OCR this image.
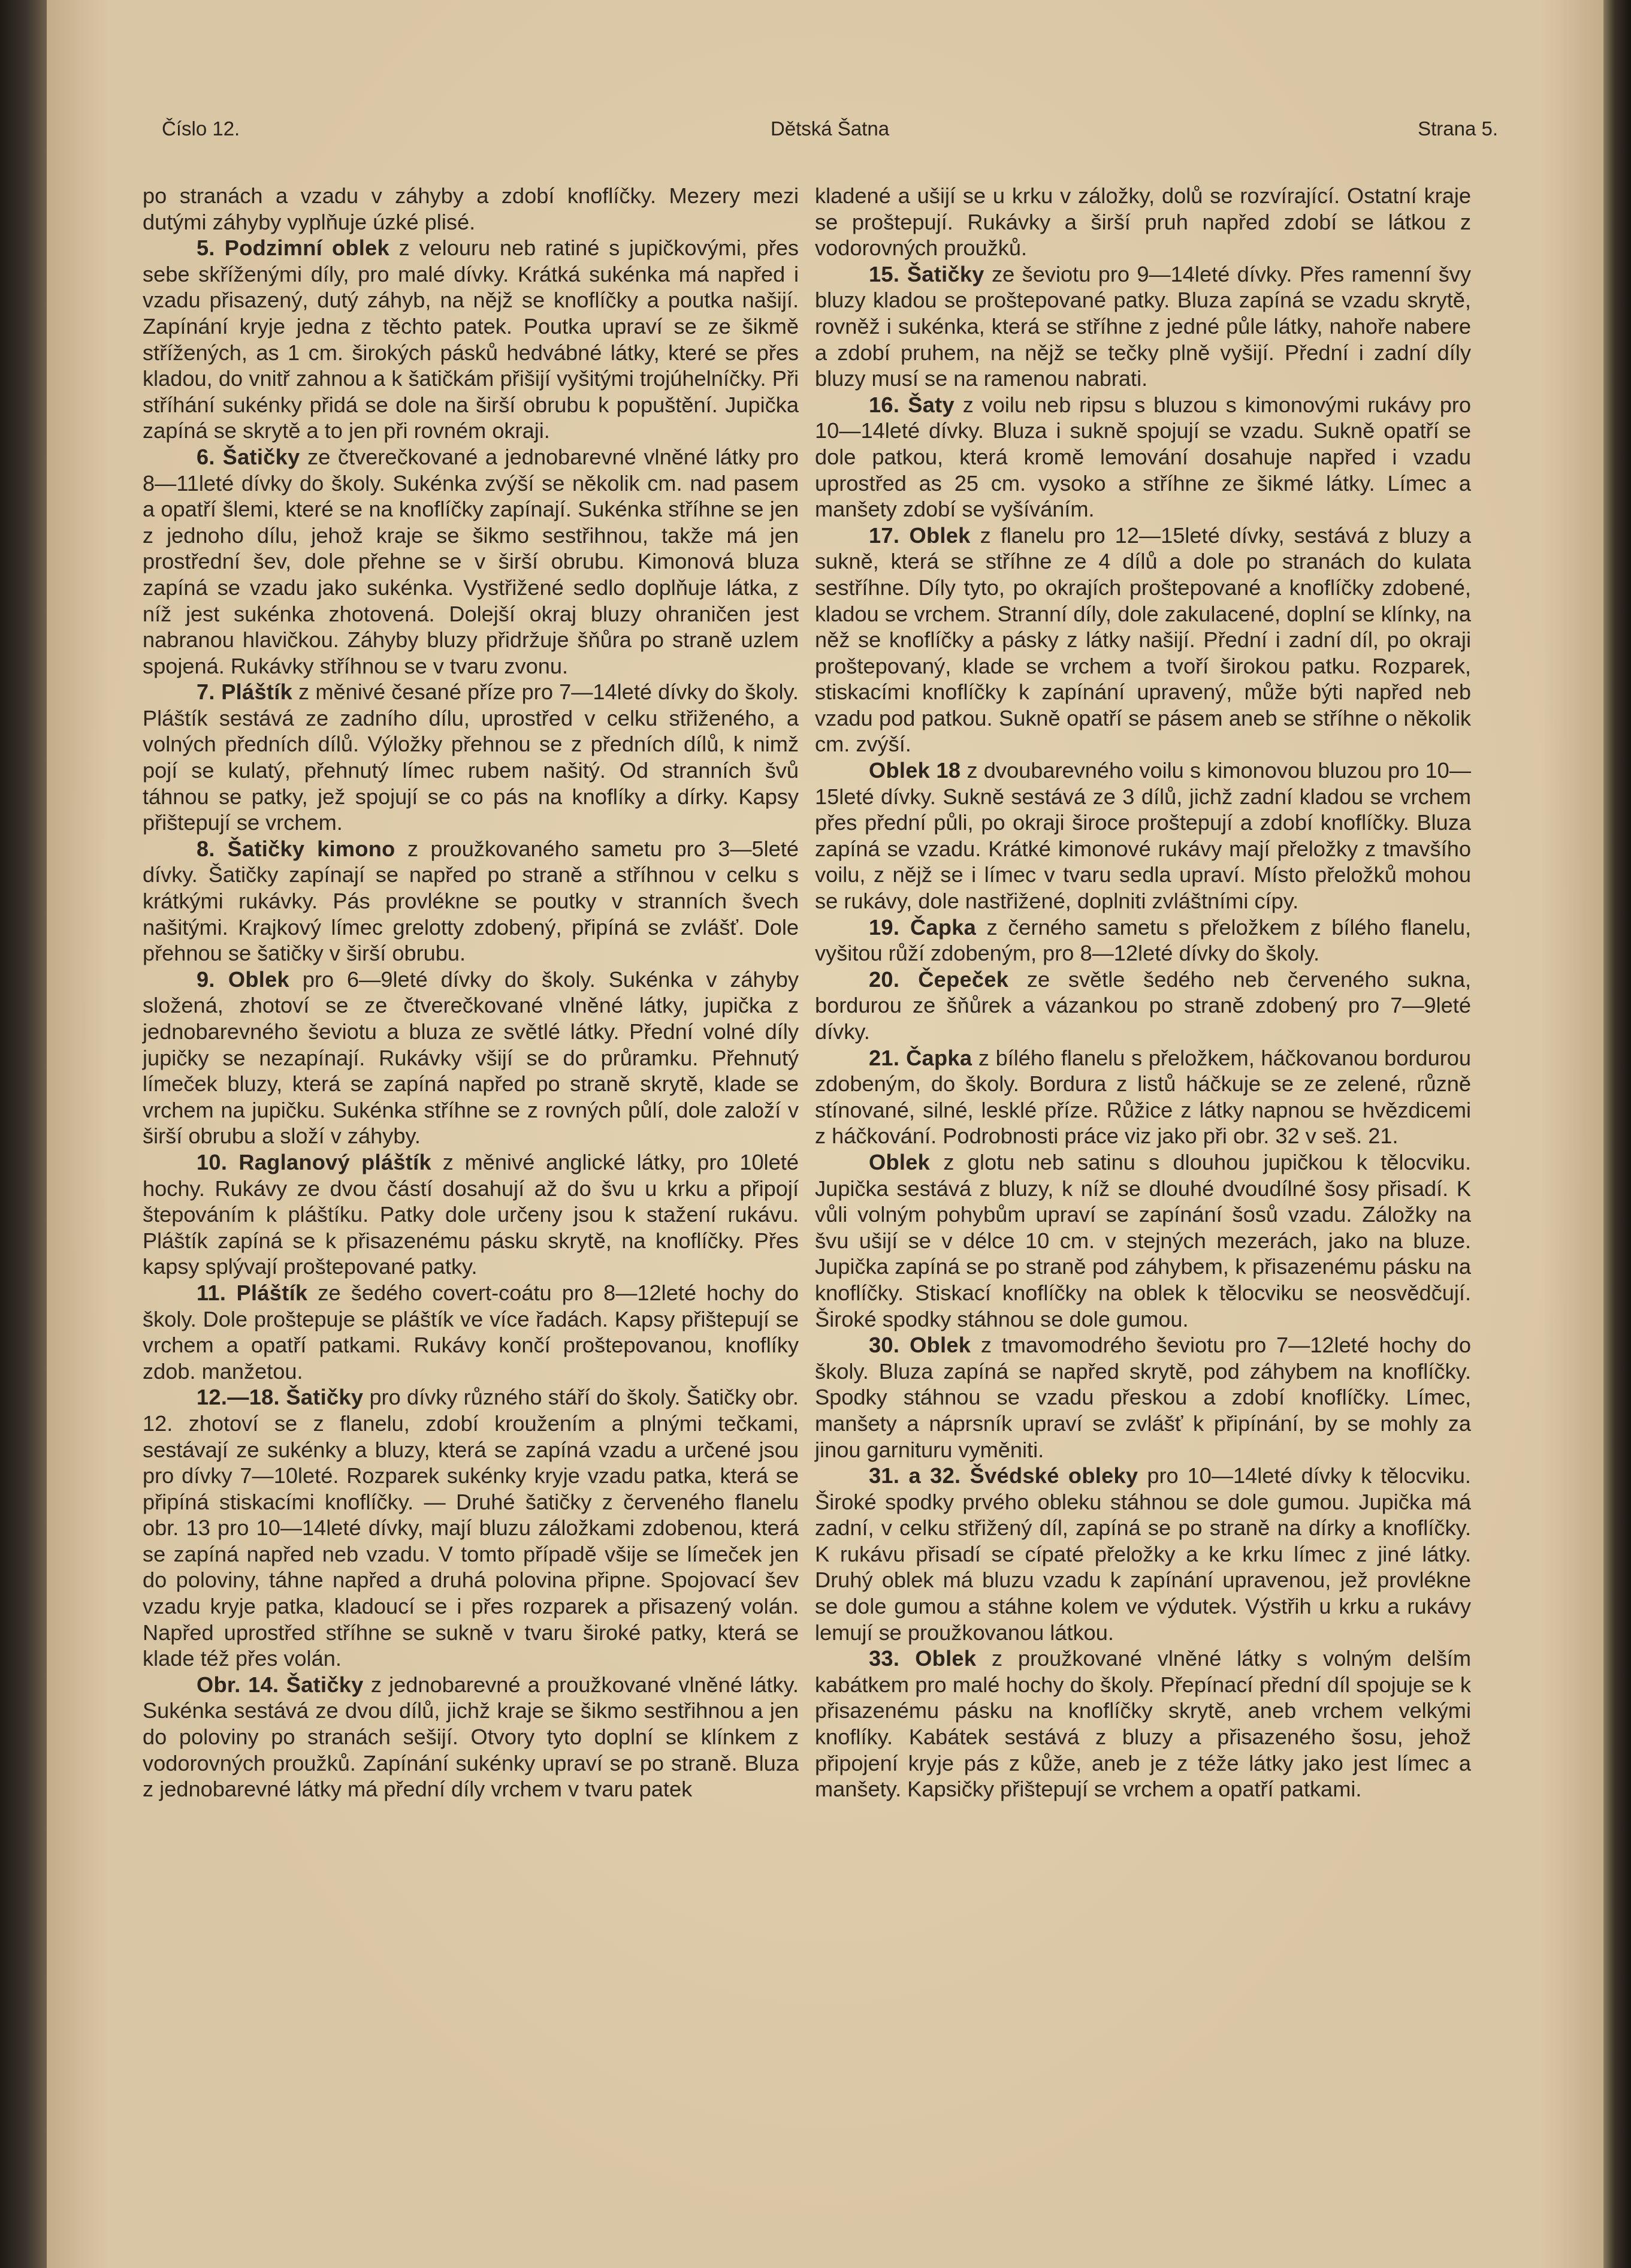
Číslo 12.	Dětská Šatna	Strana 5.

po stranách a vzadu v záhyby a zdobí knoflíčky. Mezery mezi dutými záhyby vyplňuje úzké plisé.

5. Podzimní oblek z velouru neb ratiné s jupičkovými, přes sebe skříženými díly, pro malé dívky. Krátká sukénka má napřed i vzadu přisazený, dutý záhyb, na nějž se knoflíčky a poutka našijí. Zapínání kryje jedna z těchto patek. Poutka upraví se ze šikmě střížených, as 1 cm. širokých pásků hedvábné látky, které se přes kladou, do vnitř zahnou a k šatičkám přišijí vyšitými trojúhelníčky. Při stříhání sukénky přidá se dole na širší obrubu k popuštění. Jupička zapíná se skrytě a to jen při rovném okraji.

6. Šatičky ze čtverečkované a jednobarevné vlněné látky pro 8—11leté dívky do školy. Sukénka zvýší se několik cm. nad pasem a opatří šlemi, které se na knoflíčky zapínají. Sukénka stříhne se jen z jednoho dílu, jehož kraje se šikmo sestřihnou, takže má jen prostřední šev, dole přehne se v širší obrubu. Kimonová bluza zapíná se vzadu jako sukénka. Vystřižené sedlo doplňuje látka, z níž jest sukénka zhotovená. Dolejší okraj bluzy ohraničen jest nabranou hlavičkou. Záhyby bluzy přidržuje šňůra po straně uzlem spojená. Rukávky stříhnou se v tvaru zvonu.

7. Pláštík z měnivé česané příze pro 7—14leté dívky do školy. Pláštík sestává ze zadního dílu, uprostřed v celku střiženého, a volných předních dílů. Výložky přehnou se z předních dílů, k nimž pojí se kulatý, přehnutý límec rubem našitý. Od stranních švů táhnou se patky, jež spojují se co pás na knoflíky a dírky. Kapsy přištepují se vrchem.

8. Šatičky kimono z proužkovaného sametu pro 3—5leté dívky. Šatičky zapínají se napřed po straně a stříhnou v celku s krátkými rukávky. Pás provlékne se poutky v stranních švech našitými. Krajkový límec grelotty zdobený, připíná se zvlášť. Dole přehnou se šatičky v širší obrubu.

9. Oblek pro 6—9leté dívky do školy. Sukénka v záhyby složená, zhotoví se ze čtverečkované vlněné látky, jupička z jednobarevného ševiotu a bluza ze světlé látky. Přední volné díly jupičky se nezapínají. Rukávky všijí se do průramku. Přehnutý límeček bluzy, která se zapíná napřed po straně skrytě, klade se vrchem na jupičku. Sukénka stříhne se z rovných půlí, dole založí v širší obrubu a složí v záhyby.

10. Raglanový pláštík z měnivé anglické látky, pro 10leté hochy. Rukávy ze dvou částí dosahují až do švu u krku a připojí štepováním k pláštíku. Patky dole určeny jsou k stažení rukávu. Pláštík zapíná se k přisazenému pásku skrytě, na knoflíčky. Přes kapsy splývají proštepované patky.

11. Pláštík ze šedého covert-coátu pro 8—12leté hochy do školy. Dole proštepuje se pláštík ve více řadách. Kapsy přištepují se vrchem a opatří patkami. Rukávy končí proštepovanou, knoflíky zdob. manžetou.

12.—18. Šatičky pro dívky různého stáří do školy. Šatičky obr. 12. zhotoví se z flanelu, zdobí kroužením a plnými tečkami, sestávají ze sukénky a bluzy, která se zapíná vzadu a určené jsou pro dívky 7—10leté. Rozparek sukénky kryje vzadu patka, která se připíná stiskacími knoflíčky. — Druhé šatičky z červeného flanelu obr. 13 pro 10—14leté dívky, mají bluzu záložkami zdobenou, která se zapíná napřed neb vzadu. V tomto případě všije se límeček jen do poloviny, táhne napřed a druhá polovina připne. Spojovací šev vzadu kryje patka, kladoucí se i přes rozparek a přisazený volán. Napřed uprostřed stříhne se sukně v tvaru široké patky, která se klade též přes volán.

Obr. 14. Šatičky z jednobarevné a proužkované vlněné látky. Sukénka sestává ze dvou dílů, jichž kraje se šikmo sestřihnou a jen do poloviny po stranách sešijí. Otvory tyto doplní se klínkem z vodorovných proužků. Zapínání sukénky upraví se po straně. Bluza z jednobarevné látky má přední díly vrchem v tvaru patek

kladené a ušijí se u krku v záložky, dolů se rozvírající. Ostatní kraje se proštepují. Rukávky a širší pruh napřed zdobí se látkou z vodorovných proužků.

15. Šatičky ze ševiotu pro 9—14leté dívky. Přes ramenní švy bluzy kladou se proštepované patky. Bluza zapíná se vzadu skrytě, rovněž i sukénka, která se stříhne z jedné půle látky, nahoře nabere a zdobí pruhem, na nějž se tečky plně vyšijí. Přední i zadní díly bluzy musí se na ramenou nabrati.

16. Šaty z voilu neb ripsu s bluzou s kimonovými rukávy pro 10—14leté dívky. Bluza i sukně spojují se vzadu. Sukně opatří se dole patkou, která kromě lemování dosahuje napřed i vzadu uprostřed as 25 cm. vysoko a stříhne ze šikmé látky. Límec a manšety zdobí se vyšíváním.

17. Oblek z flanelu pro 12—15leté dívky, sestává z bluzy a sukně, která se stříhne ze 4 dílů a dole po stranách do kulata sestříhne. Díly tyto, po okrajích proštepované a knoflíčky zdobené, kladou se vrchem. Stranní díly, dole zakulacené, doplní se klínky, na něž se knoflíčky a pásky z látky našijí. Přední i zadní díl, po okraji proštepovaný, klade se vrchem a tvoří širokou patku. Rozparek, stiskacími knoflíčky k zapínání upravený, může býti napřed neb vzadu pod patkou. Sukně opatří se pásem aneb se stříhne o několik cm. zvýší.

Oblek 18 z dvoubarevného voilu s kimonovou bluzou pro 10—15leté dívky. Sukně sestává ze 3 dílů, jichž zadní kladou se vrchem přes přední půli, po okraji široce proštepují a zdobí knoflíčky. Bluza zapíná se vzadu. Krátké kimonové rukávy mají přeložky z tmavšího voilu, z nějž se i límec v tvaru sedla upraví. Místo přeložků mohou se rukávy, dole nastřižené, doplniti zvláštními cípy.

19. Čapka z černého sametu s přeložkem z bílého flanelu, vyšitou růží zdobeným, pro 8—12leté dívky do školy.

20. Čepeček ze světle šedého neb červeného sukna, bordurou ze šňůrek a vázankou po straně zdobený pro 7—9leté dívky.

21. Čapka z bílého flanelu s přeložkem, háčkovanou bordurou zdobeným, do školy. Bordura z listů háčkuje se ze zelené, různě stínované, silné, lesklé příze. Růžice z látky napnou se hvězdicemi z háčkování. Podrobnosti práce viz jako při obr. 32 v seš. 21.

Oblek z glotu neb satinu s dlouhou jupičkou k tělocviku. Jupička sestává z bluzy, k níž se dlouhé dvoudílné šosy přisadí. K vůli volným pohybům upraví se zapínání šosů vzadu. Záložky na švu ušijí se v délce 10 cm. v stejných mezerách, jako na bluze. Jupička zapíná se po straně pod záhybem, k přisazenému pásku na knoflíčky. Stiskací knoflíčky na oblek k tělocviku se neosvědčují. Široké spodky stáhnou se dole gumou.

30. Oblek z tmavomodrého ševiotu pro 7—12leté hochy do školy. Bluza zapíná se napřed skrytě, pod záhybem na knoflíčky. Spodky stáhnou se vzadu přeskou a zdobí knoflíčky. Límec, manšety a náprsník upraví se zvlášť k připínání, by se mohly za jinou garnituru vyměniti.

31. a 32. Švédské obleky pro 10—14leté dívky k tělocviku. Široké spodky prvého obleku stáhnou se dole gumou. Jupička má zadní, v celku střižený díl, zapíná se po straně na dírky a knoflíčky. K rukávu přisadí se cípaté přeložky a ke krku límec z jiné látky. Druhý oblek má bluzu vzadu k zapínání upravenou, jež provlékne se dole gumou a stáhne kolem ve výdutek. Výstřih u krku a rukávy lemují se proužkovanou látkou.

33. Oblek z proužkované vlněné látky s volným delším kabátkem pro malé hochy do školy. Přepínací přední díl spojuje se k přisazenému pásku na knoflíčky skrytě, aneb vrchem velkými knoflíky. Kabátek sestává z bluzy a přisazeného šosu, jehož připojení kryje pás z kůže, aneb je z téže látky jako jest límec a manšety. Kapsičky přištepují se vrchem a opatří patkami.
